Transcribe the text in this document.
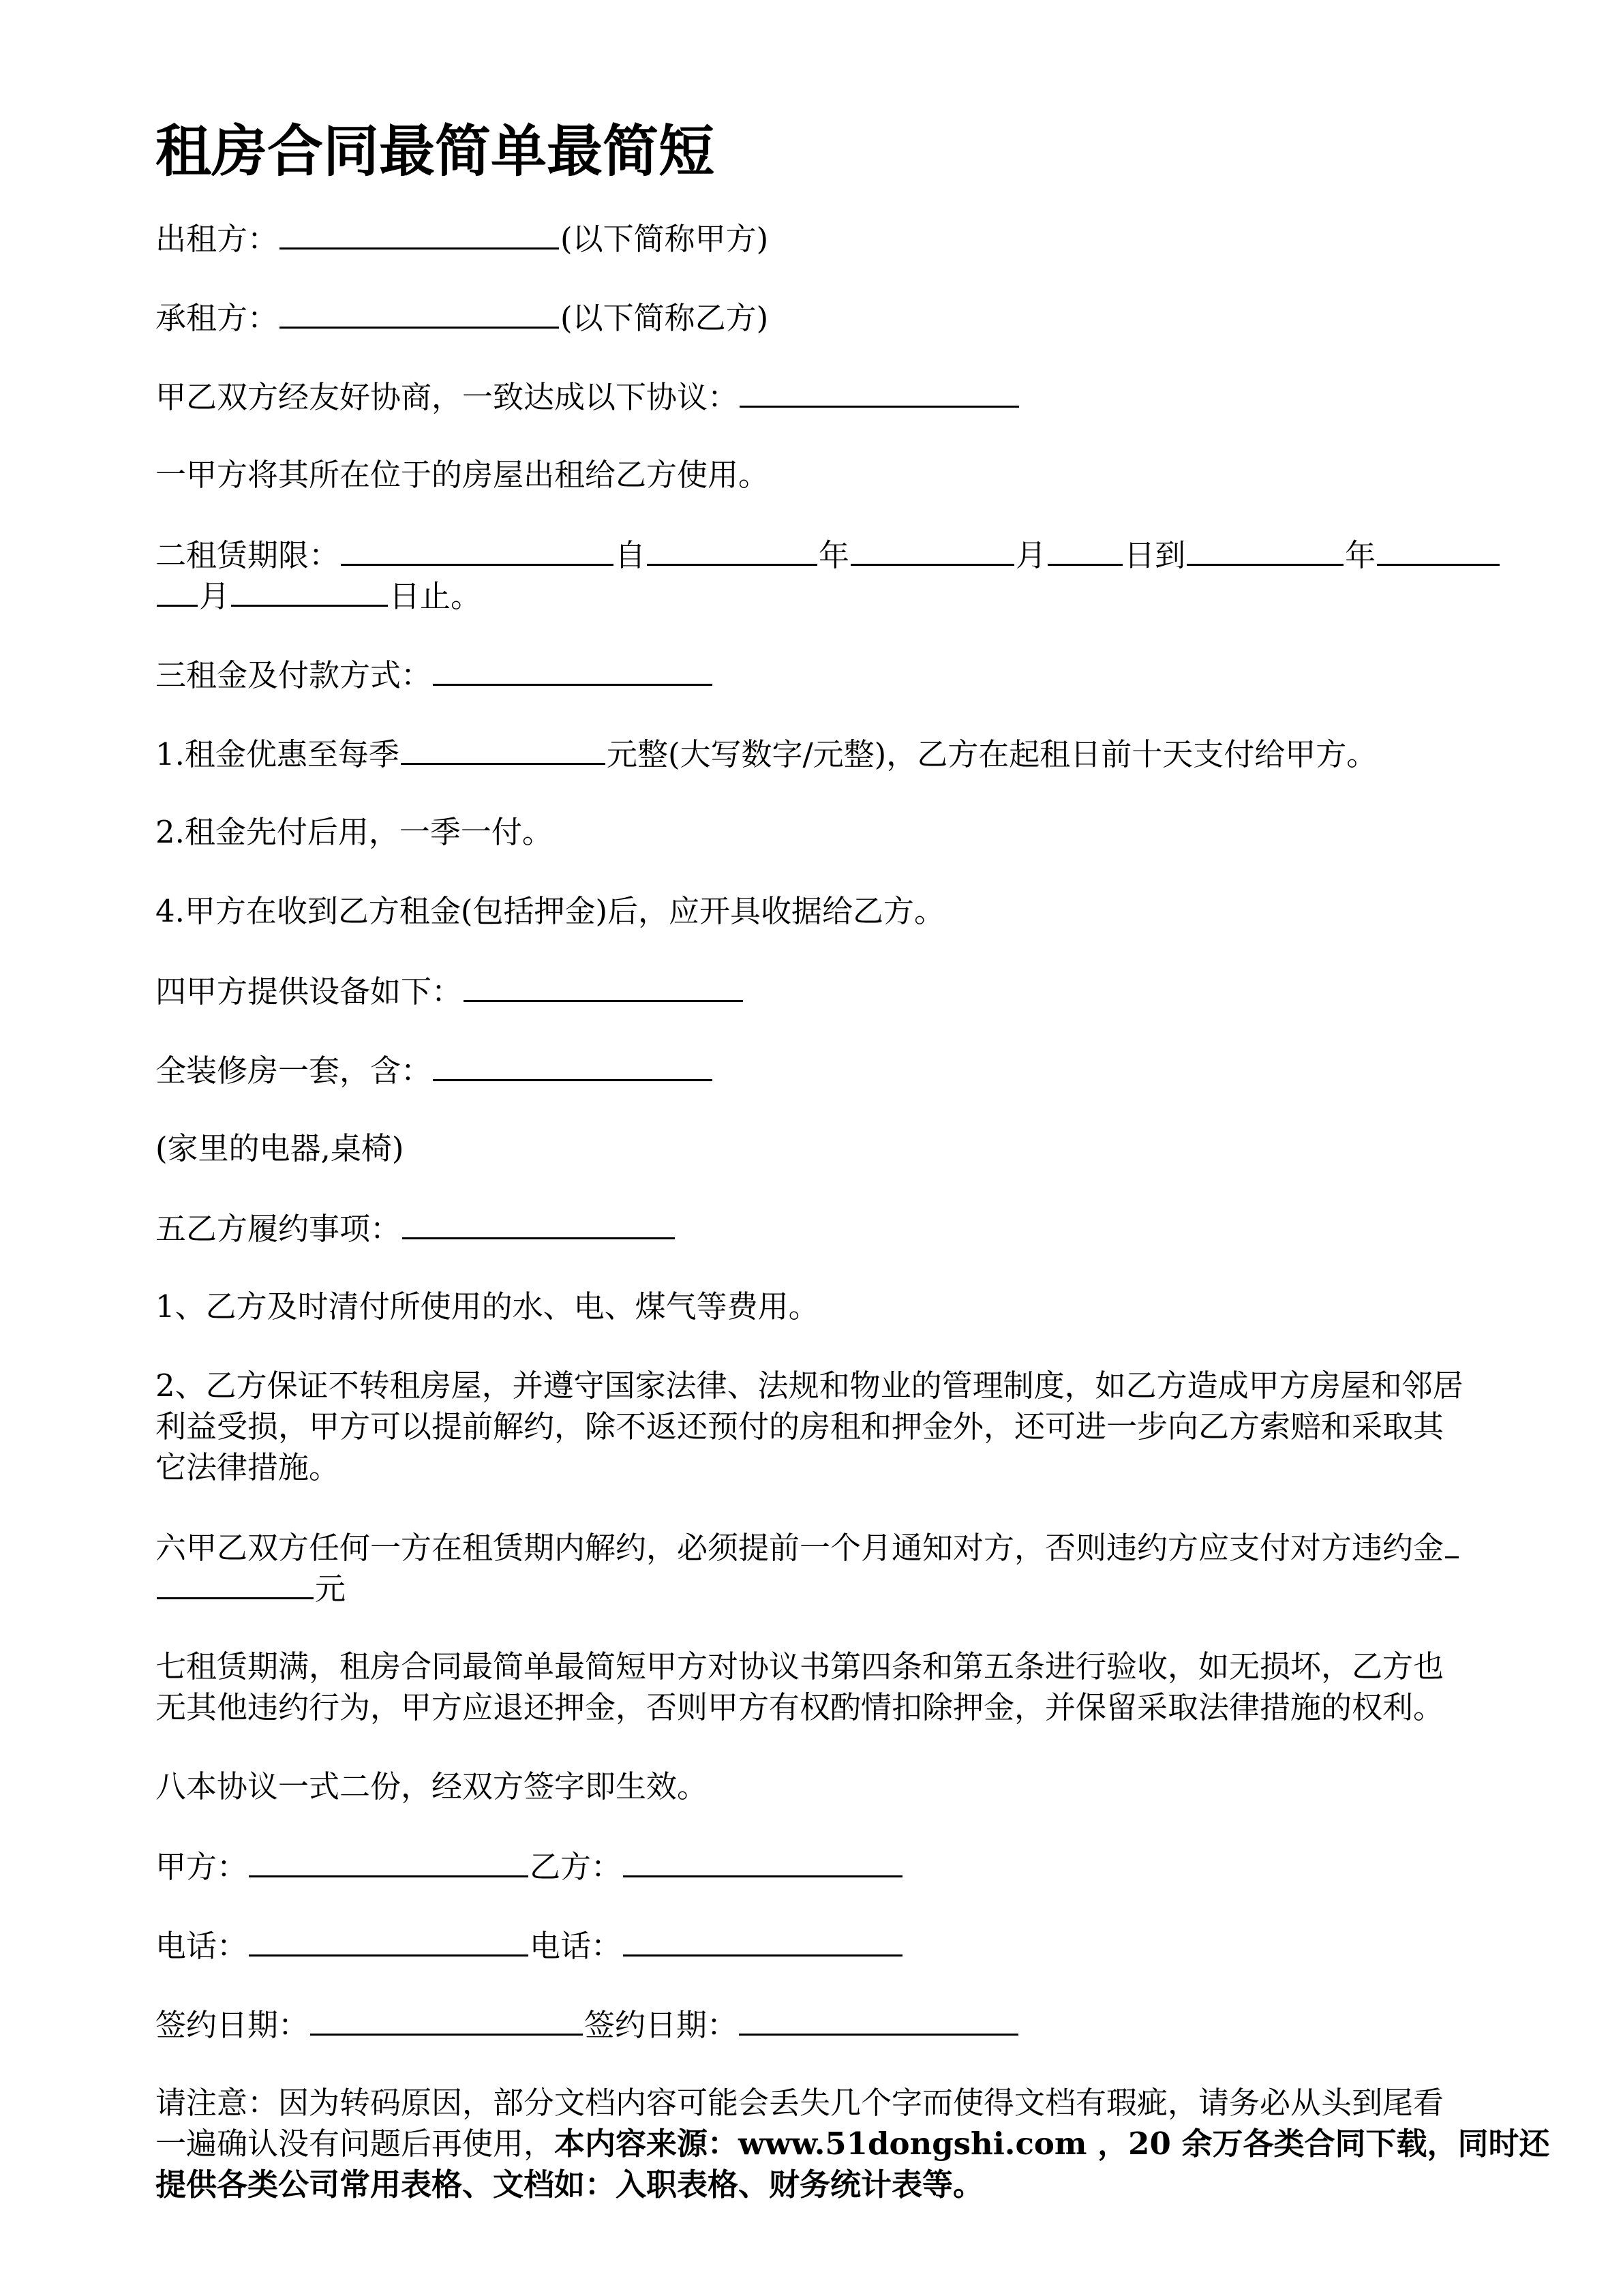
租房合同最简单最简短
出租方：	(以下简称甲方)
承租方：	(以下简称乙方)
甲乙双方经友好协商，一致达成以下协议：
一甲方将其所在位于的房屋出租给乙方使用。
二租赁期限：	自	年	月	日到	年
月	日止。
三租金及付款方式：
1.租金优惠至每季	元整(大写数字/元整)，乙方在起租日前十天支付给甲方。
2.租金先付后用，一季一付。
4.甲方在收到乙方租金(包括押金)后，应开具收据给乙方。
四甲方提供设备如下：
全装修房一套，含：
(家里的电器,桌椅)
五乙方履约事项：
1、乙方及时清付所使用的水、电、煤气等费用。
2、乙方保证不转租房屋，并遵守国家法律、法规和物业的管理制度，如乙方造成甲方房屋和邻居
利益受损，甲方可以提前解约，除不返还预付的房租和押金外，还可进一步向乙方索赔和采取其
它法律措施。
六甲乙双方任何一方在租赁期内解约，必须提前一个月通知对方，否则违约方应支付对方违约金
元
七租赁期满，租房合同最简单最简短甲方对协议书第四条和第五条进行验收，如无损坏，乙方也
无其他违约行为，甲方应退还押金，否则甲方有权酌情扣除押金，并保留采取法律措施的权利。
八本协议一式二份，经双方签字即生效。
甲方：	乙方：
电话：	电话：
签约日期：	签约日期：
请注意：因为转码原因，部分文档内容可能会丢失几个字而使得文档有瑕疵，请务必从头到尾看
一遍确认没有问题后再使用，本内容来源：www.51dongshi.com ，20 余万各类合同下载，同时还
提供各类公司常用表格、文档如：入职表格、财务统计表等。
